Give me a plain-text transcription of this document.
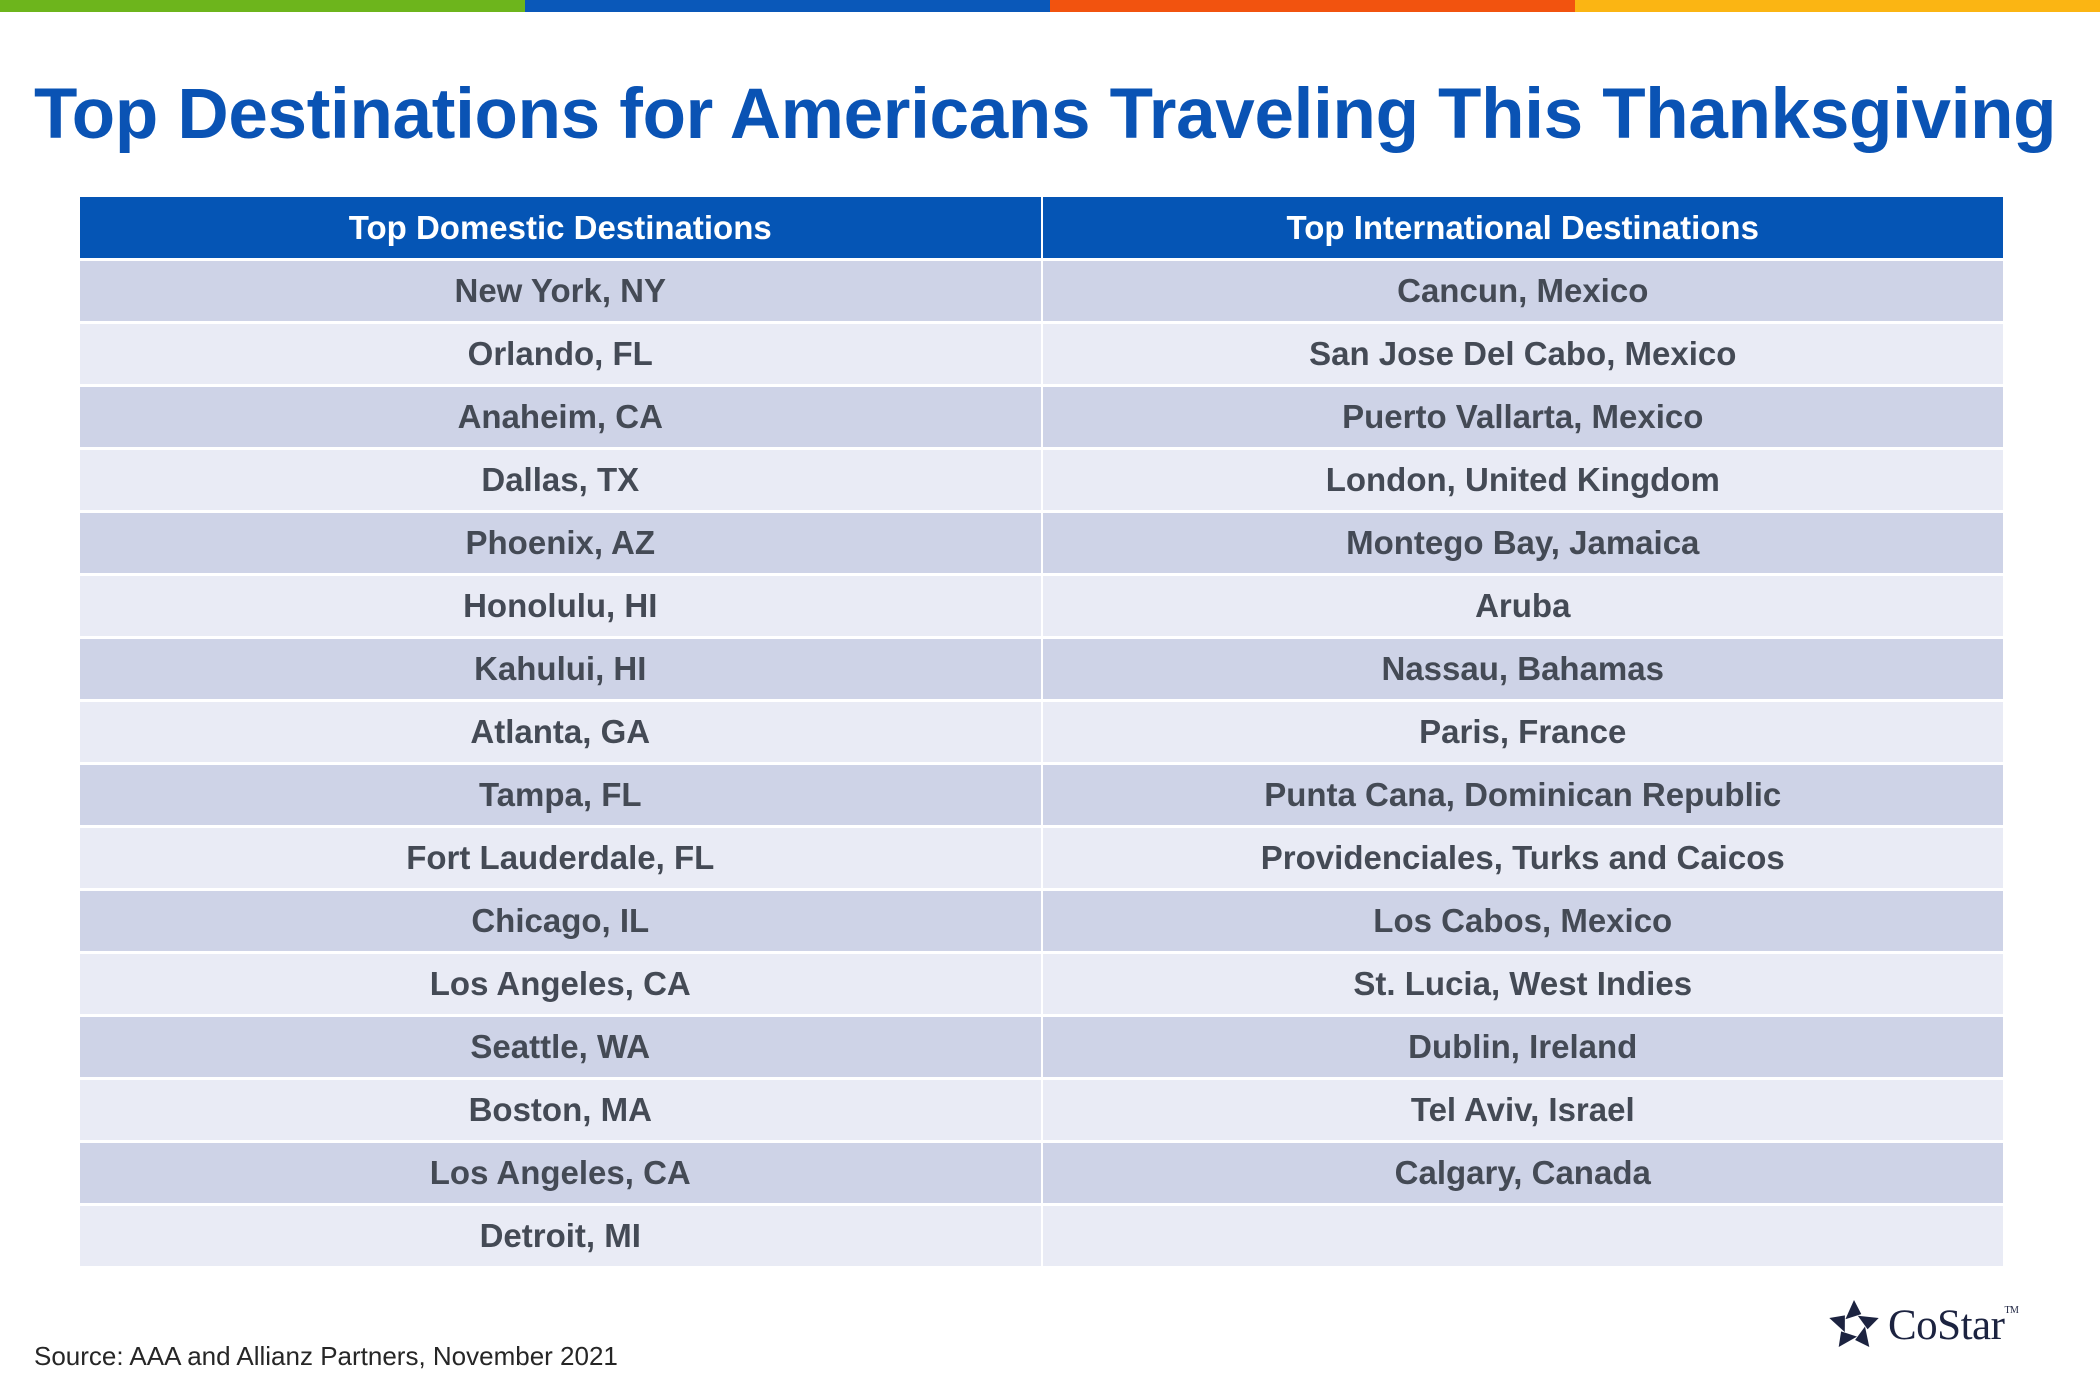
Top Destinations for Americans Traveling This Thanksgiving
Top Domestic Destinations	Top International Destinations
New York, NY	Cancun, Mexico
Orlando, FL	San Jose Del Cabo, Mexico
Anaheim, CA	Puerto Vallarta, Mexico
Dallas, TX	London, United Kingdom
Phoenix, AZ	Montego Bay, Jamaica
Honolulu, HI	Aruba
Kahului, HI	Nassau, Bahamas
Atlanta, GA	Paris, France
Tampa, FL	Punta Cana, Dominican Republic
Fort Lauderdale, FL	Providenciales, Turks and Caicos
Chicago, IL	Los Cabos, Mexico
Los Angeles, CA	St. Lucia, West Indies
Seattle, WA	Dublin, Ireland
Boston, MA	Tel Aviv, Israel
Los Angeles, CA	Calgary, Canada
Detroit, MI	
Source: AAA and Allianz Partners, November 2021
CoStar™
